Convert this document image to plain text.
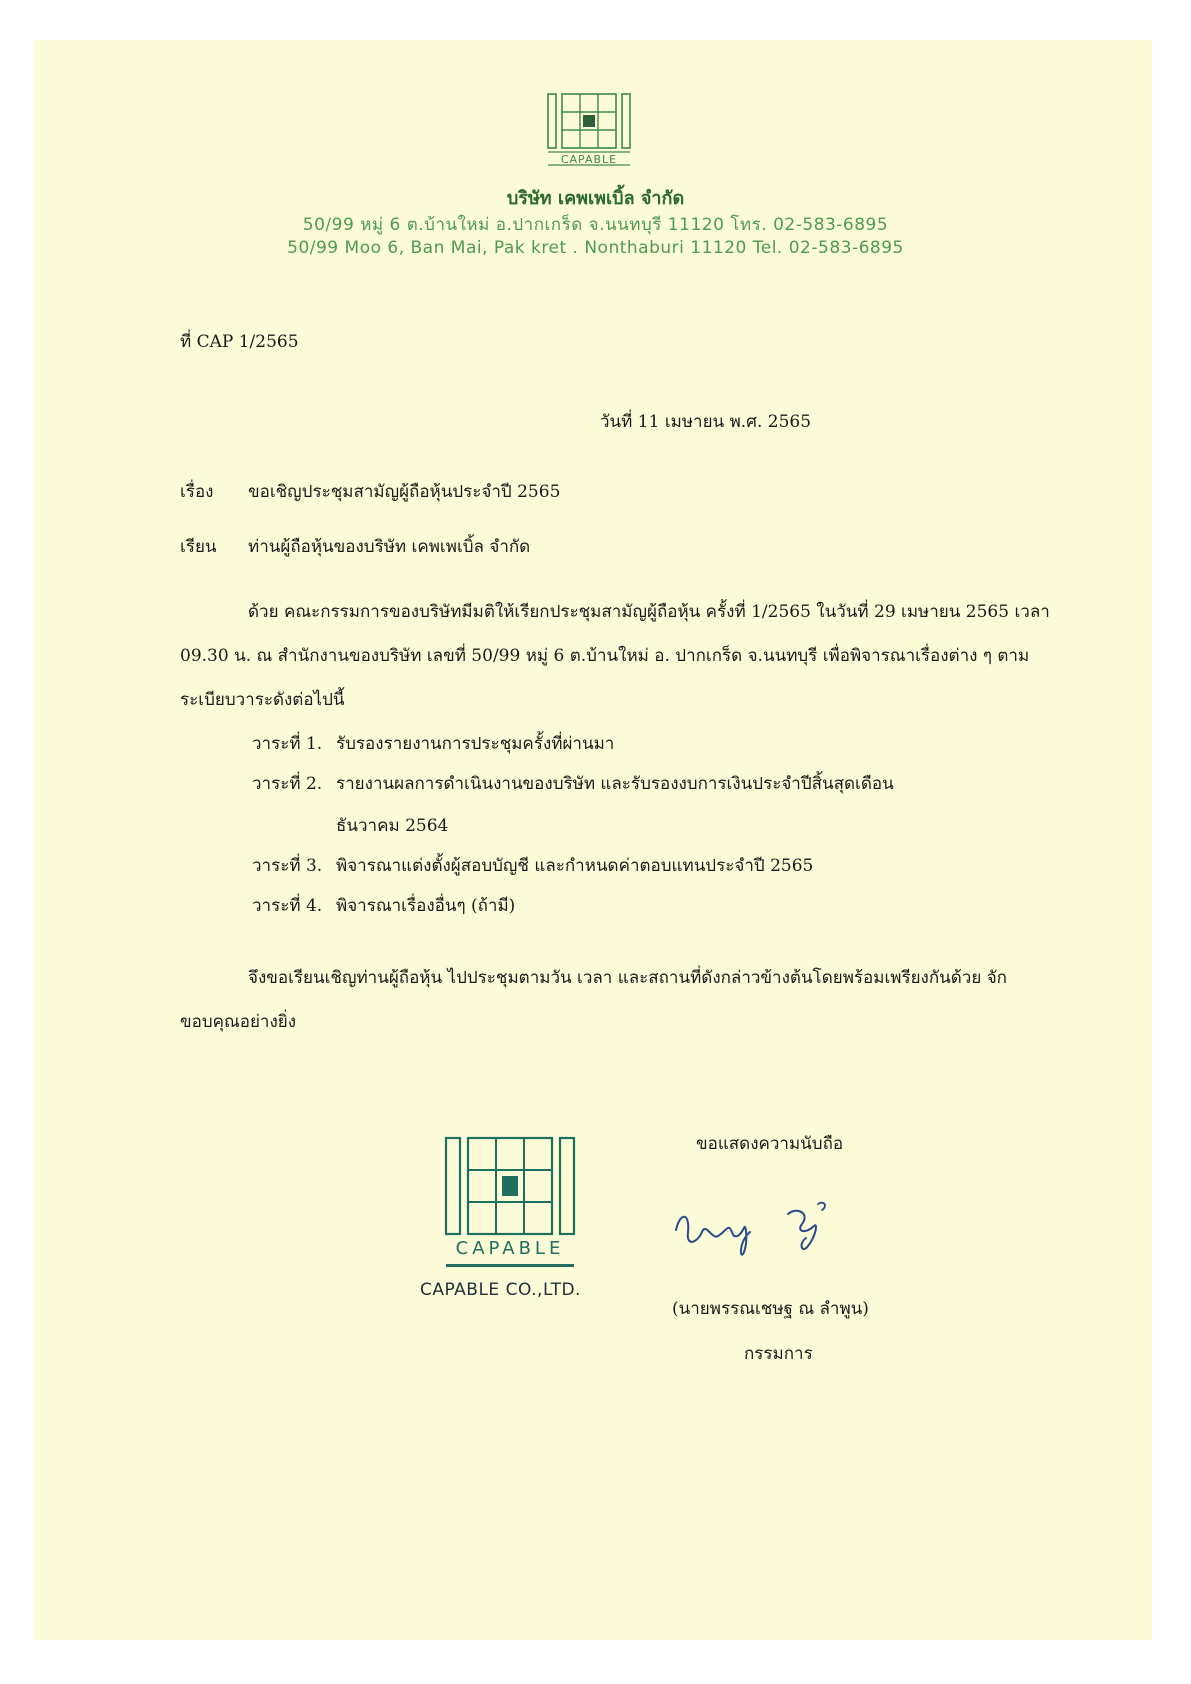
CAPABLE
บริษัท เคพเพเบิ้ล จำกัด
50/99 หมู่ 6 ต.บ้านใหม่ อ.ปากเกร็ด จ.นนทบุรี 11120 โทร. 02-583-6895
50/99 Moo 6, Ban Mai, Pak kret . Nonthaburi 11120 Tel. 02-583-6895
ที่ CAP 1/2565
วันที่ 11 เมษายน พ.ศ. 2565
เรื่อง ขอเชิญประชุมสามัญผู้ถือหุ้นประจำปี 2565
เรียน ท่านผู้ถือหุ้นของบริษัท เคพเพเบิ้ล จำกัด
ด้วย คณะกรรมการของบริษัทมีมติให้เรียกประชุมสามัญผู้ถือหุ้น ครั้งที่ 1/2565 ในวันที่ 29 เมษายน 2565 เวลา 09.30 น. ณ สำนักงานของบริษัท เลขที่ 50/99 หมู่ 6 ต.บ้านใหม่ อ. ปากเกร็ด จ.นนทบุรี เพื่อพิจารณาเรื่องต่าง ๆ ตามระเบียบวาระดังต่อไปนี้
วาระที่ 1. รับรองรายงานการประชุมครั้งที่ผ่านมา
วาระที่ 2. รายงานผลการดำเนินงานของบริษัท และรับรองงบการเงินประจำปีสิ้นสุดเดือน
ธันวาคม 2564
วาระที่ 3. พิจารณาแต่งตั้งผู้สอบบัญชี และกำหนดค่าตอบแทนประจำปี 2565
วาระที่ 4. พิจารณาเรื่องอื่นๆ (ถ้ามี)
จึงขอเรียนเชิญท่านผู้ถือหุ้น ไปประชุมตามวัน เวลา และสถานที่ดังกล่าวข้างต้นโดยพร้อมเพรียงกันด้วย จักขอบคุณอย่างยิ่ง
ขอแสดงความนับถือ
(นายพรรณเชษฐ ณ ลำพูน)
กรรมการ
CAPABLE
CAPABLE CO.,LTD.
